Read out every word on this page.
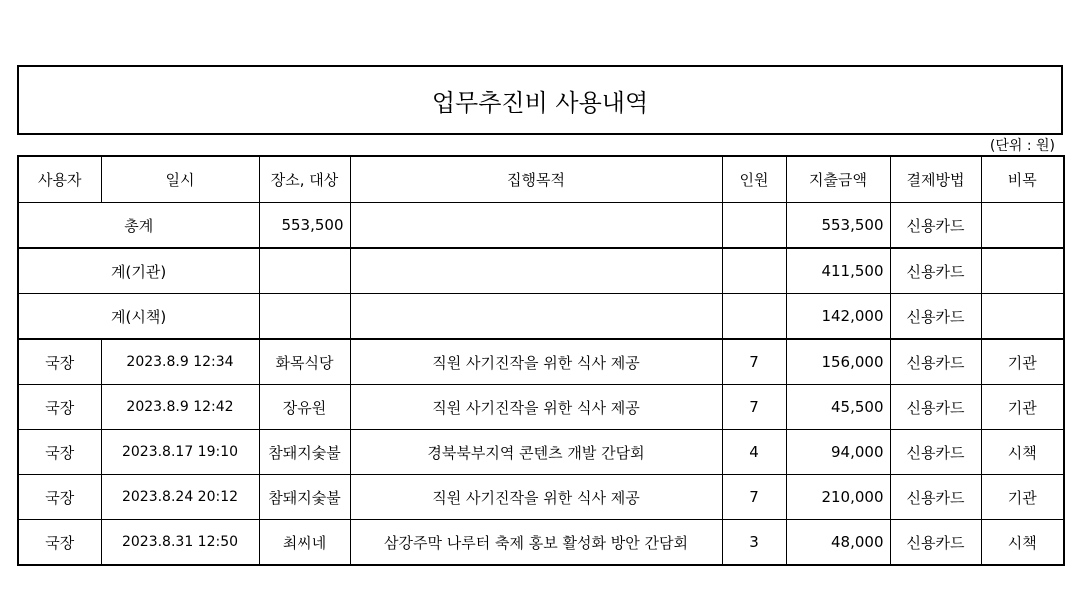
업무추진비 사용내역
(단위 : 원)
사용자	일시	장소, 대상	집행목적	인원	지출금액	결제방법	비목
총계		553,500			553,500	신용카드	
계(기관)					411,500	신용카드	
계(시책)					142,000	신용카드	
국장	2023.8.9 12:34	화목식당	직원 사기진작을 위한 식사 제공	7	156,000	신용카드	기관
국장	2023.8.9 12:42	장유원	직원 사기진작을 위한 식사 제공	7	45,500	신용카드	기관
국장	2023.8.17 19:10	참돼지숯불	경북북부지역 콘텐츠 개발 간담회	4	94,000	신용카드	시책
국장	2023.8.24 20:12	참돼지숯불	직원 사기진작을 위한 식사 제공	7	210,000	신용카드	기관
국장	2023.8.31 12:50	최씨네	삼강주막 나루터 축제 홍보 활성화 방안 간담회	3	48,000	신용카드	시책
